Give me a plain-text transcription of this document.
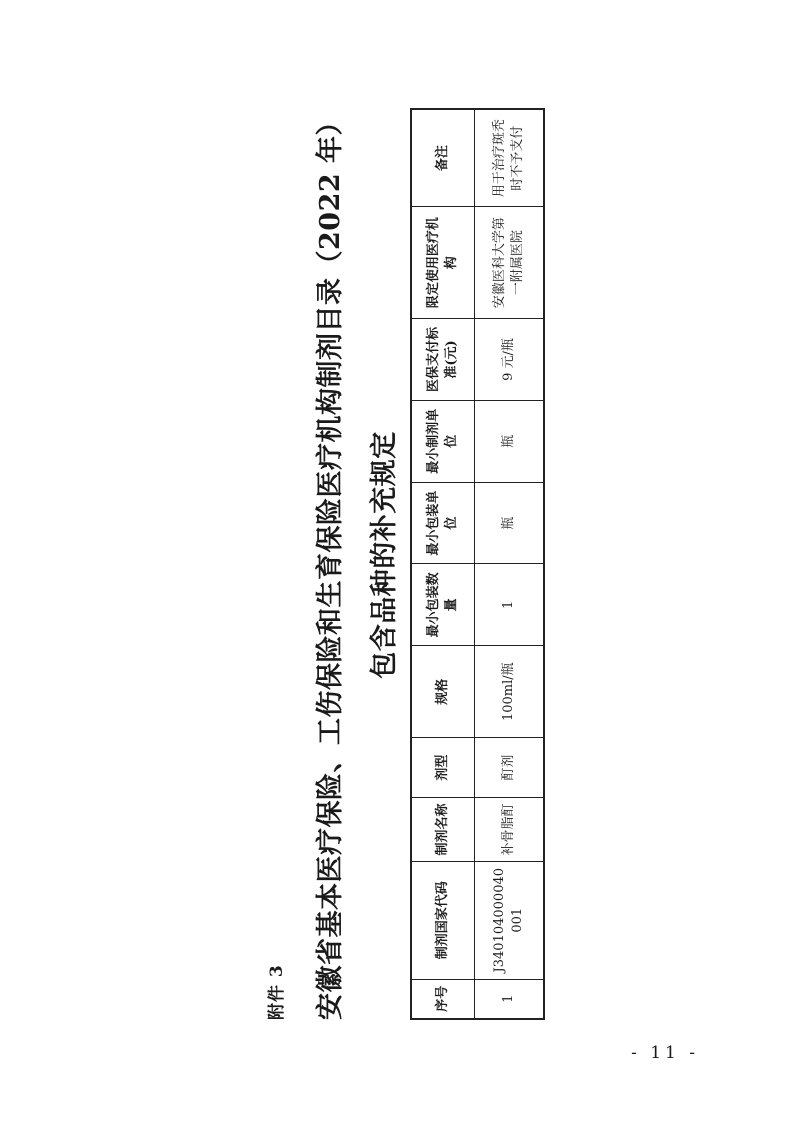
附件 3 安徽省基本医疗保险、工伤保险和生育保险医疗机构制剂目录（2022 年） 包含品种的补充规定
序号	制剂国家代码	制剂名称	剂型	规格	最小包装数量	最小包装单位	最小制剂单位	医保支付标准(元)	限定使用医疗机构	备注
1	J340104000040001	补骨脂酊	酊剂	100ml/瓶	1	瓶	瓶	9 元/瓶	安徽医科大学第一附属医院	用于治疗斑秃时不予支付
- 11 -
